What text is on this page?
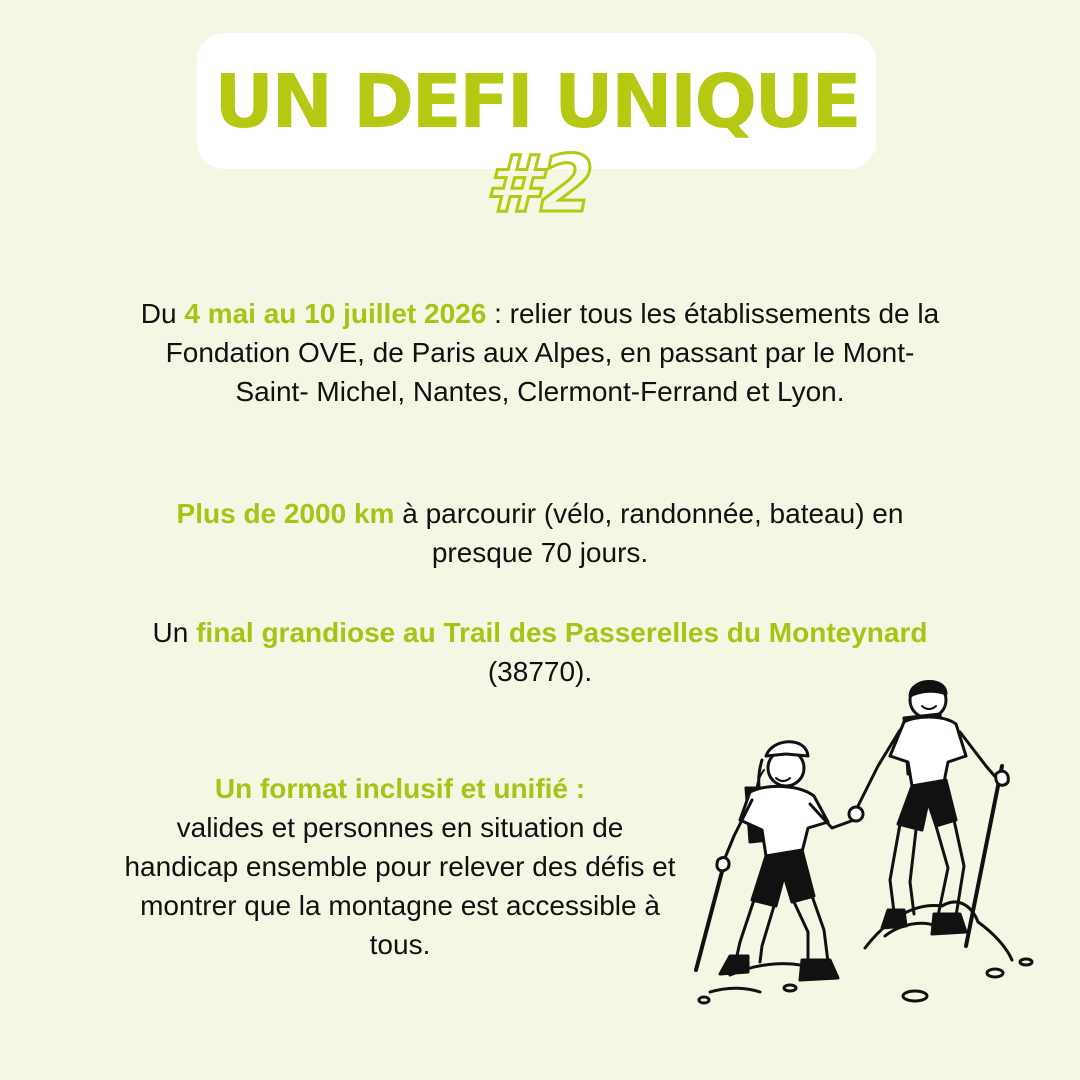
UN DEFI UNIQUE
#2

Du 4 mai au 10 juillet 2026 : relier tous les établissements de la Fondation OVE, de Paris aux Alpes, en passant par le Mont-Saint- Michel, Nantes, Clermont-Ferrand et Lyon.

Plus de 2000 km à parcourir (vélo, randonnée, bateau) en presque 70 jours.

Un final grandiose au Trail des Passerelles du Monteynard (38770).

Un format inclusif et unifié :
valides et personnes en situation de handicap ensemble pour relever des défis et montrer que la montagne est accessible à tous.
